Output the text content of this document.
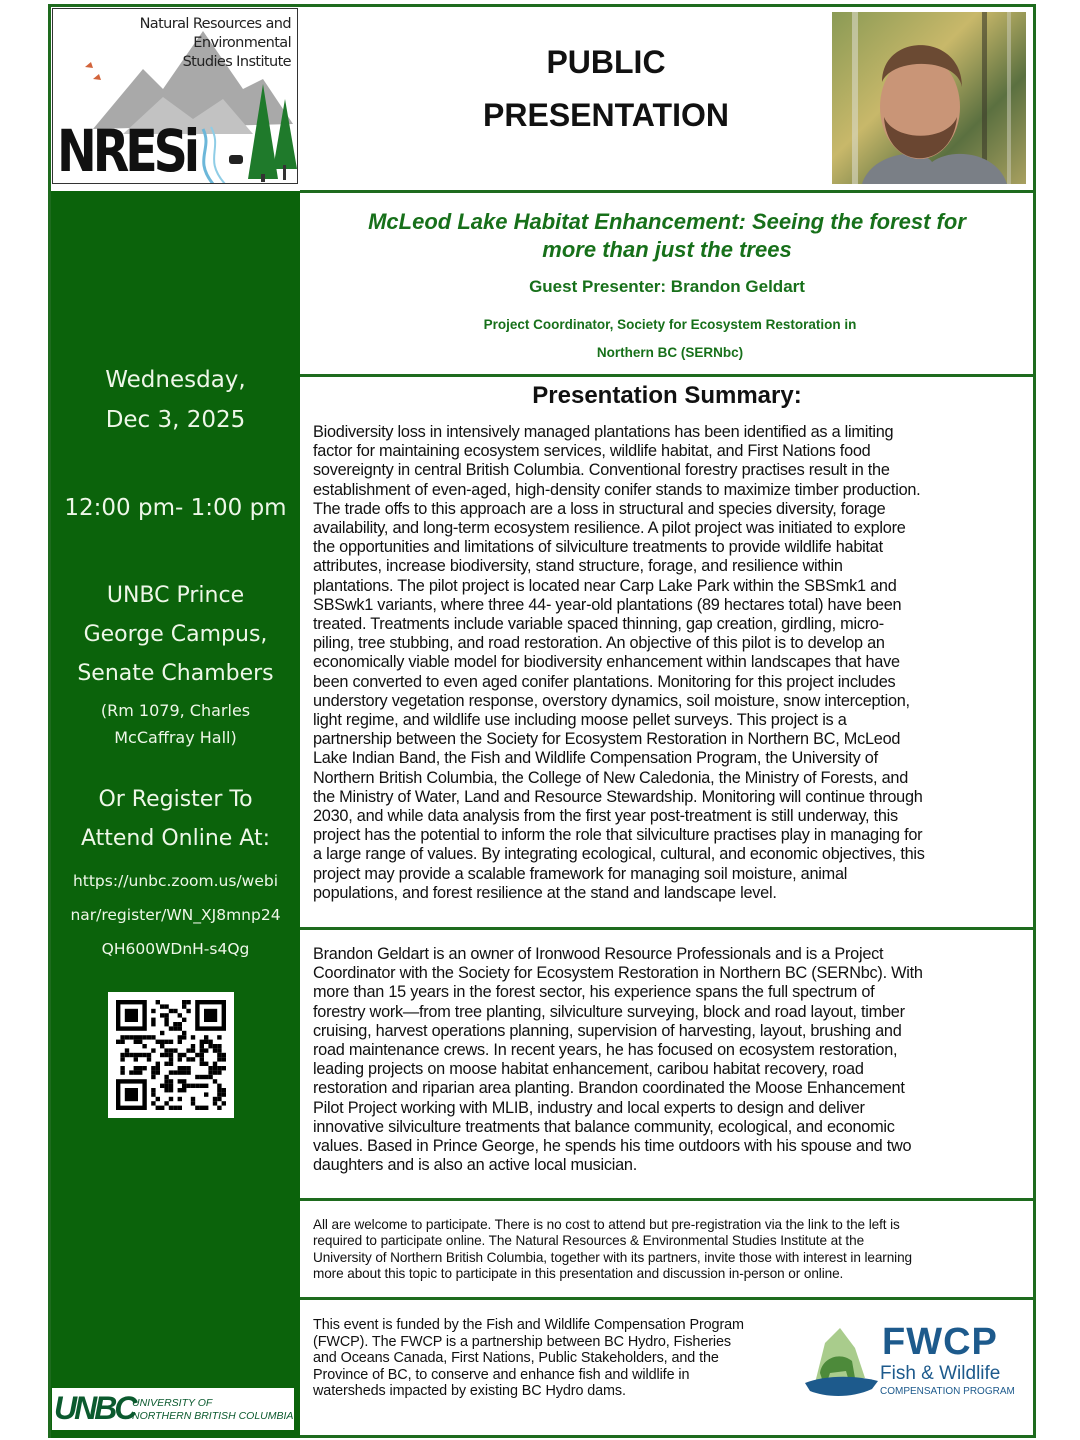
Natural Resources and Environmental
Studies Institute
NRESi
PUBLIC
PRESENTATION
McLeod Lake Habitat Enhancement: Seeing the forest for
more than just the trees
Guest Presenter: Brandon Geldart
Project Coordinator, Society for Ecosystem Restoration in
Northern BC (SERNbc)
Presentation Summary:
Biodiversity loss in intensively managed plantations has been identified as a limiting
factor for maintaining ecosystem services, wildlife habitat, and First Nations food
sovereignty in central British Columbia. Conventional forestry practises result in the
establishment of even-aged, high-density conifer stands to maximize timber production.
The trade offs to this approach are a loss in structural and species diversity, forage
availability, and long-term ecosystem resilience. A pilot project was initiated to explore
the opportunities and limitations of silviculture treatments to provide wildlife habitat
attributes, increase biodiversity, stand structure, forage, and resilience within
plantations. The pilot project is located near Carp Lake Park within the SBSmk1 and
SBSwk1 variants, where three 44- year-old plantations (89 hectares total) have been
treated. Treatments include variable spaced thinning, gap creation, girdling, micro-
piling, tree stubbing, and road restoration. An objective of this pilot is to develop an
economically viable model for biodiversity enhancement within landscapes that have
been converted to even aged conifer plantations. Monitoring for this project includes
understory vegetation response, overstory dynamics, soil moisture, snow interception,
light regime, and wildlife use including moose pellet surveys. This project is a
partnership between the Society for Ecosystem Restoration in Northern BC, McLeod
Lake Indian Band, the Fish and Wildlife Compensation Program, the University of
Northern British Columbia, the College of New Caledonia, the Ministry of Forests, and
the Ministry of Water, Land and Resource Stewardship. Monitoring will continue through
2030, and while data analysis from the first year post-treatment is still underway, this
project has the potential to inform the role that silviculture practises play in managing for
a large range of values. By integrating ecological, cultural, and economic objectives, this
project may provide a scalable framework for managing soil moisture, animal
populations, and forest resilience at the stand and landscape level.
Brandon Geldart is an owner of Ironwood Resource Professionals and is a Project
Coordinator with the Society for Ecosystem Restoration in Northern BC (SERNbc). With
more than 15 years in the forest sector, his experience spans the full spectrum of
forestry work—from tree planting, silviculture surveying, block and road layout, timber
cruising, harvest operations planning, supervision of harvesting, layout, brushing and
road maintenance crews. In recent years, he has focused on ecosystem restoration,
leading projects on moose habitat enhancement, caribou habitat recovery, road
restoration and riparian area planting. Brandon coordinated the Moose Enhancement
Pilot Project working with MLIB, industry and local experts to design and deliver
innovative silviculture treatments that balance community, ecological, and economic
values. Based in Prince George, he spends his time outdoors with his spouse and two
daughters and is also an active local musician.
All are welcome to participate. There is no cost to attend but pre-registration via the link to the left is
required to participate online. The Natural Resources & Environmental Studies Institute at the
University of Northern British Columbia, together with its partners, invite those with interest in learning
more about this topic to participate in this presentation and discussion in-person or online.
This event is funded by the Fish and Wildlife Compensation Program
(FWCP). The FWCP is a partnership between BC Hydro, Fisheries
and Oceans Canada, First Nations, Public Stakeholders, and the
Province of BC, to conserve and enhance fish and wildlife in
watersheds impacted by existing BC Hydro dams.
FWCP
Fish & Wildlife
COMPENSATION PROGRAM
Wednesday,
Dec 3, 2025
12:00 pm- 1:00 pm
UNBC Prince
George Campus,
Senate Chambers
(Rm 1079, Charles
McCaffray Hall)
Or Register To
Attend Online At:
https://unbc.zoom.us/webi
nar/register/WN_XJ8mnp24
QH600WDnH-s4Qg
UNBC
UNIVERSITY OF
NORTHERN BRITISH COLUMBIA
